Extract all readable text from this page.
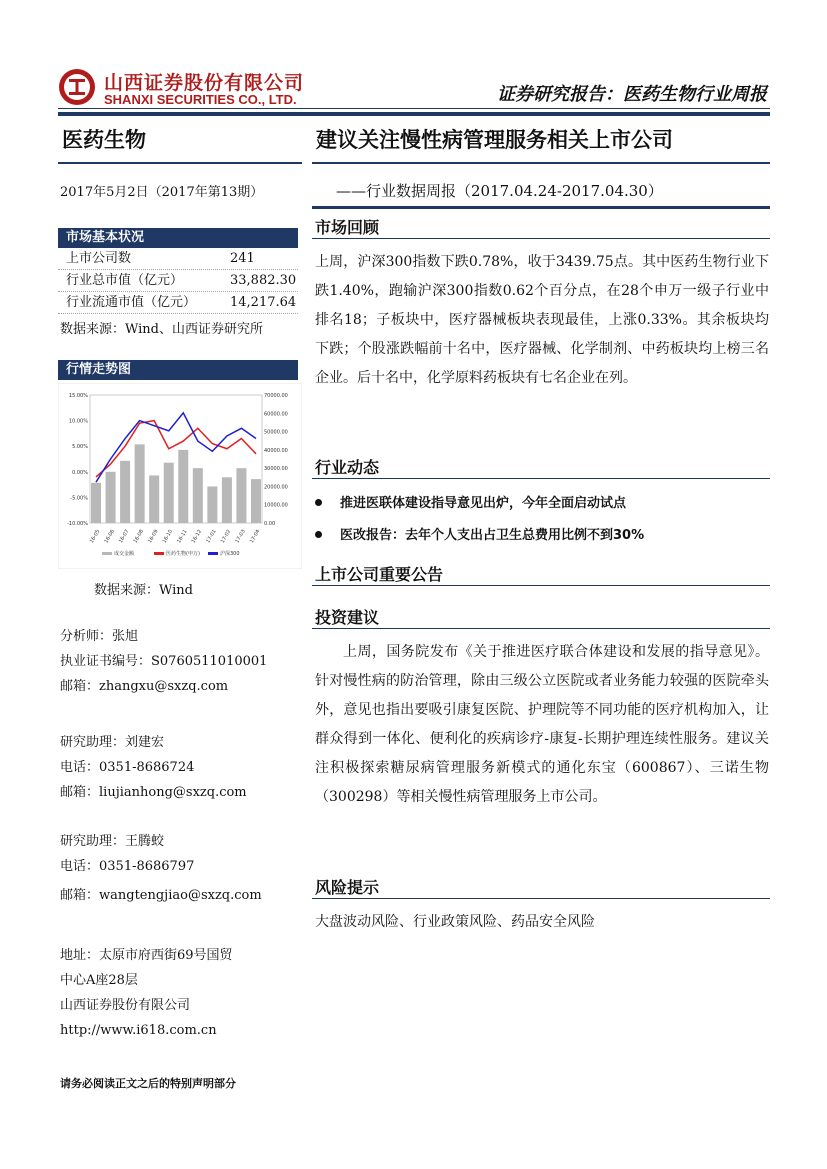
山西证券股份有限公司
SHANXI SECURITIES CO., LTD.	证券研究报告：医药生物行业周报
医药生物	建议关注慢性病管理服务相关上市公司
2017年5月2日（2017年第13期）	——行业数据周报（2017.04.24-2017.04.30）
市场基本状况
上市公司数	241
行业总市值（亿元）	33,882.30
行业流通市值（亿元）	14,217.64
数据来源：Wind、山西证券研究所
行情走势图
15.00%
10.00%
5.00%
0.00%
-5.00%
-10.00%
70000.00
60000.00
50000.00
40000.00
30000.00
20000.00
10000.00
0.00
16-05 16-06 16-07 16-08 16-09 16-10 16-11 16-12 17-01 17-02 17-03 17-04
成交金额	医药生物(申万)	沪深300
数据来源：Wind
分析师：张旭
执业证书编号：S0760511010001
邮箱：zhangxu@sxzq.com
研究助理：刘建宏
电话：0351-8686724
邮箱：liujianhong@sxzq.com
研究助理：王腾蛟
电话：0351-8686797
邮箱：wangtengjiao@sxzq.com
地址：太原市府西街69号国贸
中心A座28层
山西证券股份有限公司
http://www.i618.com.cn
请务必阅读正文之后的特别声明部分
市场回顾
上周，沪深300指数下跌0.78%，收于3439.75点。其中医药生物行业下跌1.40%，跑输沪深300指数0.62个百分点，在28个申万一级子行业中排名18；子板块中，医疗器械板块表现最佳，上涨0.33%。其余板块均下跌；个股涨跌幅前十名中，医疗器械、化学制剂、中药板块均上榜三名企业。后十名中，化学原料药板块有七名企业在列。
行业动态
推进医联体建设指导意见出炉，今年全面启动试点
医改报告：去年个人支出占卫生总费用比例不到30%
上市公司重要公告
投资建议
上周，国务院发布《关于推进医疗联合体建设和发展的指导意见》。针对慢性病的防治管理，除由三级公立医院或者业务能力较强的医院牵头外，意见也指出要吸引康复医院、护理院等不同功能的医疗机构加入，让群众得到一体化、便利化的疾病诊疗-康复-长期护理连续性服务。建议关注积极探索糖尿病管理服务新模式的通化东宝（600867）、三诺生物（300298）等相关慢性病管理服务上市公司。
风险提示
大盘波动风险、行业政策风险、药品安全风险
